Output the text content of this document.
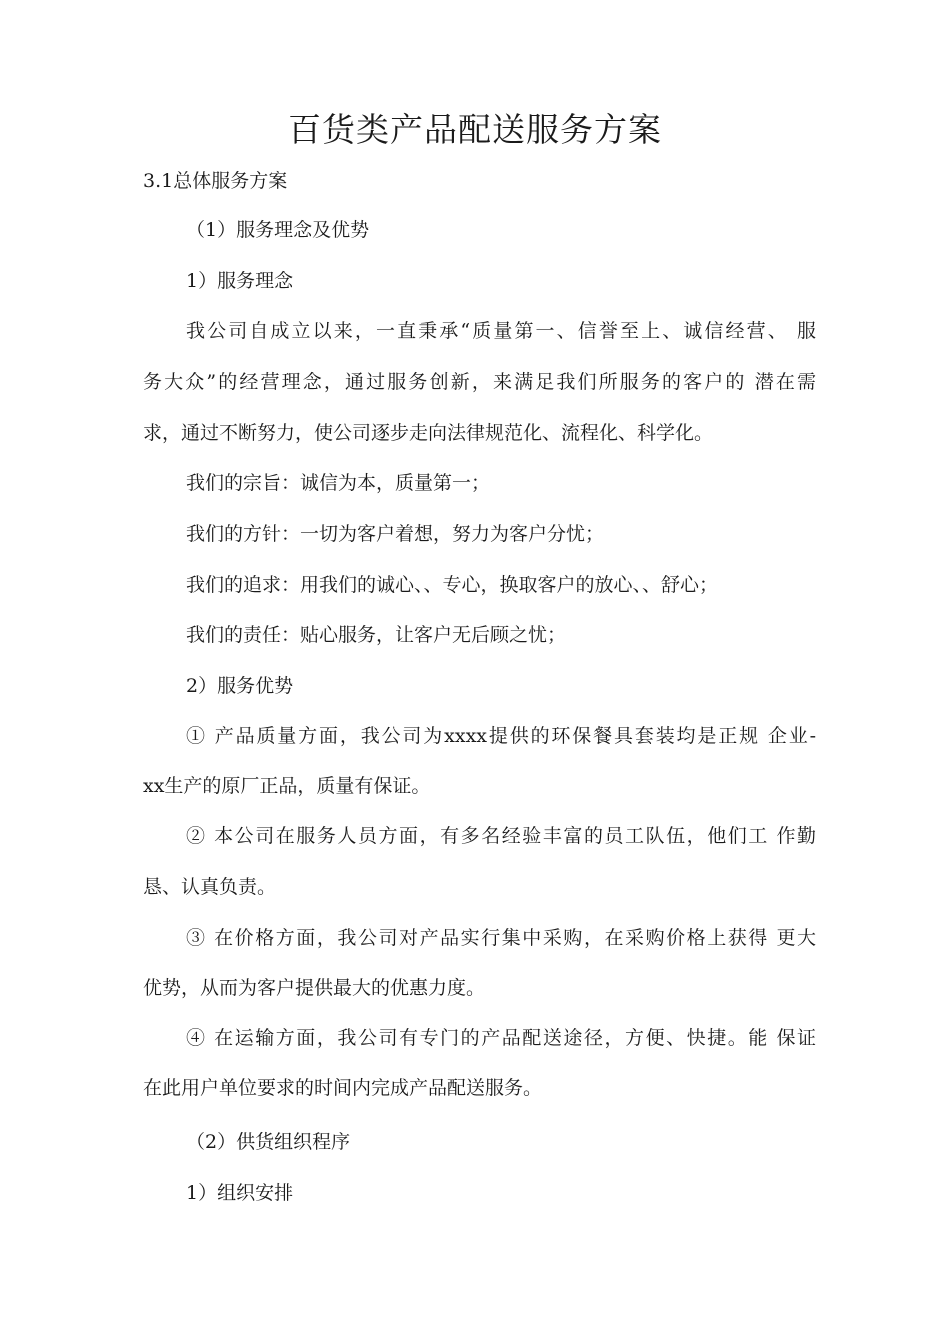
百货类产品配送服务方案
3.1总体服务方案
（1）服务理念及优势
1）服务理念
我公司自成立以来，一直秉承“质量第一、信誉至上、诚信经营、 服
务大众”的经营理念，通过服务创新，来满足我们所服务的客户的 潜在需
求，通过不断努力，使公司逐步走向法律规范化、流程化、科学化。
我们的宗旨：诚信为本，质量第一；
我们的方针：一切为客户着想，努力为客户分忧；
我们的追求：用我们的诚心、、专心，换取客户的放心、、舒心；
我们的责任：贴心服务，让客户无后顾之忧；
2）服务优势
① 产品质量方面，我公司为xxxx提供的环保餐具套装均是正规 企业-
xx生产的原厂正品，质量有保证。
② 本公司在服务人员方面，有多名经验丰富的员工队伍，他们工 作勤
恳、认真负责。
③ 在价格方面，我公司对产品实行集中采购，在采购价格上获得 更大
优势，从而为客户提供最大的优惠力度。
④ 在运输方面，我公司有专门的产品配送途径，方便、快捷。能 保证
在此用户单位要求的时间内完成产品配送服务。
（2）供货组织程序
1）组织安排
